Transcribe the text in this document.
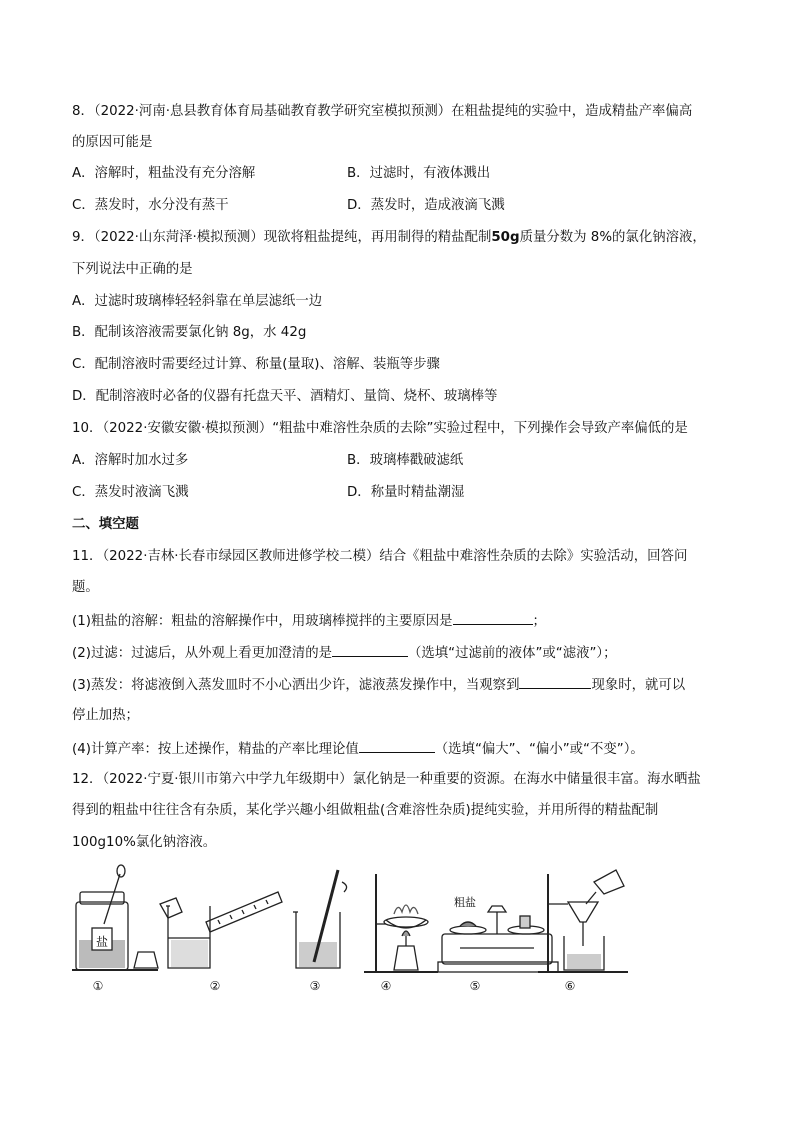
8．（2022·河南·息县教育体育局基础教育教学研究室模拟预测）在粗盐提纯的实验中，造成精盐产率偏高
的原因可能是
A．溶解时，粗盐没有充分溶解	B．过滤时，有液体溅出
C．蒸发时，水分没有蒸干	D．蒸发时，造成液滴飞溅
9．（2022·山东菏泽·模拟预测）现欲将粗盐提纯，再用制得的精盐配制50g质量分数为 8%的氯化钠溶液，
下列说法中正确的是
A．过滤时玻璃棒轻轻斜靠在单层滤纸一边
B．配制该溶液需要氯化钠 8g，水 42g
C．配制溶液时需要经过计算、称量(量取)、溶解、装瓶等步骤
D．配制溶液时必备的仪器有托盘天平、酒精灯、量筒、烧杯、玻璃棒等
10．（2022·安徽安徽·模拟预测）“粗盐中难溶性杂质的去除”实验过程中，下列操作会导致产率偏低的是
A．溶解时加水过多	B．玻璃棒戳破滤纸
C．蒸发时液滴飞溅	D．称量时精盐潮湿
二、填空题
11．（2022·吉林·长春市绿园区教师进修学校二模）结合《粗盐中难溶性杂质的去除》实验活动，回答问
题。
(1)粗盐的溶解：粗盐的溶解操作中，用玻璃棒搅拌的主要原因是	；
(2)过滤：过滤后，从外观上看更加澄清的是	（选填“过滤前的液体”或“滤液”）；
(3)蒸发：将滤液倒入蒸发皿时不小心洒出少许，滤液蒸发操作中，当观察到	现象时，就可以
停止加热；
(4)计算产率：按上述操作，精盐的产率比理论值	（选填“偏大”、“偏小”或“不变”）。
12．（2022·宁夏·银川市第六中学九年级期中）氯化钠是一种重要的资源。在海水中储量很丰富。海水晒盐
得到的粗盐中往往含有杂质，某化学兴趣小组做粗盐(含难溶性杂质)提纯实验，并用所得的精盐配制
100g10%氯化钠溶液。
盐
粗盐
①	②	③	④	⑤	⑥
